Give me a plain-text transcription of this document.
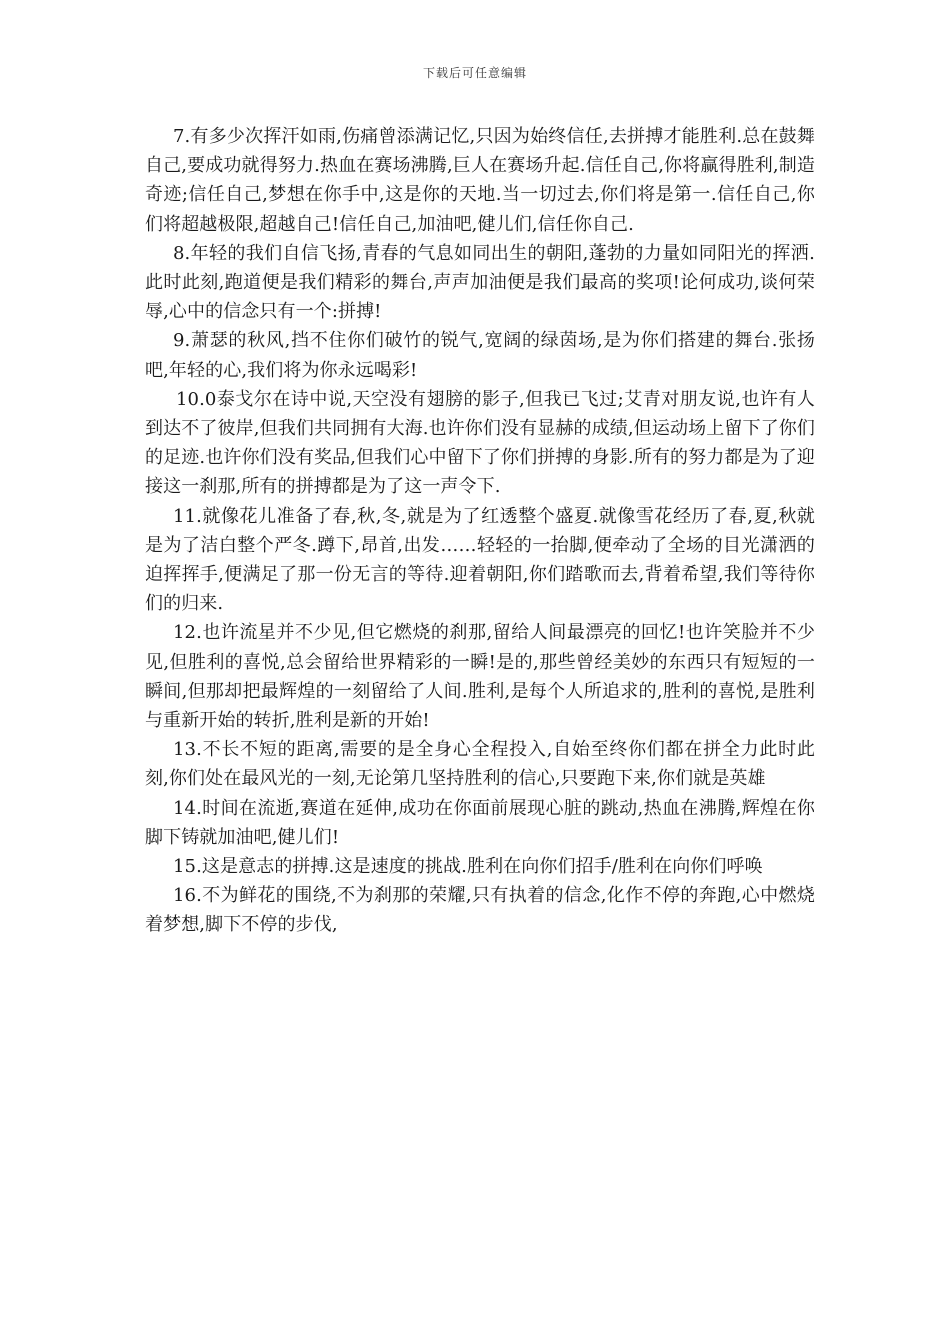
下载后可任意编辑

7.有多少次挥汗如雨,伤痛曾添满记忆,只因为始终信任,去拼搏才能胜利.总在鼓舞自己,要成功就得努力.热血在赛场沸腾,巨人在赛场升起.信任自己,你将赢得胜利,制造奇迹;信任自己,梦想在你手中,这是你的天地.当一切过去,你们将是第一.信任自己,你们将超越极限,超越自己!信任自己,加油吧,健儿们,信任你自己.

8.年轻的我们自信飞扬,青春的气息如同出生的朝阳,蓬勃的力量如同阳光的挥洒.此时此刻,跑道便是我们精彩的舞台,声声加油便是我们最高的奖项!论何成功,谈何荣辱,心中的信念只有一个:拼搏!

9.萧瑟的秋风,挡不住你们破竹的锐气,宽阔的绿茵场,是为你们搭建的舞台.张扬吧,年轻的心,我们将为你永远喝彩!

10.0泰戈尔在诗中说,天空没有翅膀的影子,但我已飞过;艾青对朋友说,也许有人到达不了彼岸,但我们共同拥有大海.也许你们没有显赫的成绩,但运动场上留下了你们的足迹.也许你们没有奖品,但我们心中留下了你们拼搏的身影.所有的努力都是为了迎接这一刹那,所有的拼搏都是为了这一声令下.

11.就像花儿准备了春,秋,冬,就是为了红透整个盛夏.就像雪花经历了春,夏,秋就是为了洁白整个严冬.蹲下,昂首,出发……轻轻的一抬脚,便牵动了全场的目光潇洒的迫挥挥手,便满足了那一份无言的等待.迎着朝阳,你们踏歌而去,背着希望,我们等待你们的归来.

12.也许流星并不少见,但它燃烧的刹那,留给人间最漂亮的回忆!也许笑脸并不少见,但胜利的喜悦,总会留给世界精彩的一瞬!是的,那些曾经美妙的东西只有短短的一瞬间,但那却把最辉煌的一刻留给了人间.胜利,是每个人所追求的,胜利的喜悦,是胜利与重新开始的转折,胜利是新的开始!

13.不长不短的距离,需要的是全身心全程投入,自始至终你们都在拼全力此时此刻,你们处在最风光的一刻,无论第几坚持胜利的信心,只要跑下来,你们就是英雄

14.时间在流逝,赛道在延伸,成功在你面前展现心脏的跳动,热血在沸腾,辉煌在你脚下铸就加油吧,健儿们!

15.这是意志的拼搏.这是速度的挑战.胜利在向你们招手/胜利在向你们呼唤

16.不为鲜花的围绕,不为刹那的荣耀,只有执着的信念,化作不停的奔跑,心中燃烧着梦想,脚下不停的步伐,
